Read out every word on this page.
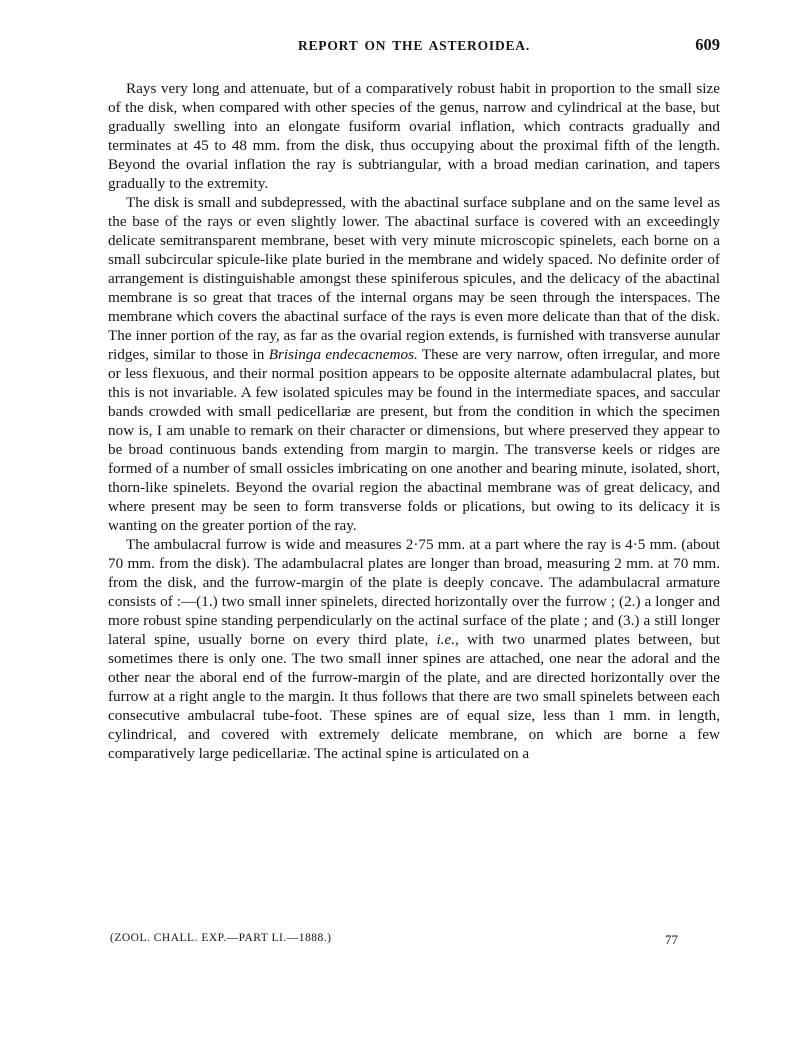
REPORT ON THE ASTEROIDEA.	609

Rays very long and attenuate, but of a comparatively robust habit in proportion to the small size of the disk, when compared with other species of the genus, narrow and cylindrical at the base, but gradually swelling into an elongate fusiform ovarial inflation, which contracts gradually and terminates at 45 to 48 mm. from the disk, thus occupying about the proximal fifth of the length. Beyond the ovarial inflation the ray is subtriangular, with a broad median carination, and tapers gradually to the extremity.

The disk is small and subdepressed, with the abactinal surface subplane and on the same level as the base of the rays or even slightly lower. The abactinal surface is covered with an exceedingly delicate semitransparent membrane, beset with very minute microscopic spinelets, each borne on a small subcircular spicule-like plate buried in the membrane and widely spaced. No definite order of arrangement is distinguishable amongst these spiniferous spicules, and the delicacy of the abactinal membrane is so great that traces of the internal organs may be seen through the interspaces. The membrane which covers the abactinal surface of the rays is even more delicate than that of the disk. The inner portion of the ray, as far as the ovarial region extends, is furnished with transverse aunular ridges, similar to those in Brisinga endecacnemos. These are very narrow, often irregular, and more or less flexuous, and their normal position appears to be opposite alternate adambulacral plates, but this is not invariable. A few isolated spicules may be found in the intermediate spaces, and saccular bands crowded with small pedicellariæ are present, but from the condition in which the specimen now is, I am unable to remark on their character or dimensions, but where preserved they appear to be broad continuous bands extending from margin to margin. The transverse keels or ridges are formed of a number of small ossicles imbricating on one another and bearing minute, isolated, short, thorn-like spinelets. Beyond the ovarial region the abactinal membrane was of great delicacy, and where present may be seen to form transverse folds or plications, but owing to its delicacy it is wanting on the greater portion of the ray.

The ambulacral furrow is wide and measures 2·75 mm. at a part where the ray is 4·5 mm. (about 70 mm. from the disk). The adambulacral plates are longer than broad, measuring 2 mm. at 70 mm. from the disk, and the furrow-margin of the plate is deeply concave. The adambulacral armature consists of :—(1.) two small inner spinelets, directed horizontally over the furrow ; (2.) a longer and more robust spine standing perpendicularly on the actinal surface of the plate ; and (3.) a still longer lateral spine, usually borne on every third plate, i.e., with two unarmed plates between, but sometimes there is only one. The two small inner spines are attached, one near the adoral and the other near the aboral end of the furrow-margin of the plate, and are directed horizontally over the furrow at a right angle to the margin. It thus follows that there are two small spinelets between each consecutive ambulacral tube-foot. These spines are of equal size, less than 1 mm. in length, cylindrical, and covered with extremely delicate membrane, on which are borne a few comparatively large pedicellariæ. The actinal spine is articulated on a

(ZOOL. CHALL. EXP.—PART LI.—1888.)	77
